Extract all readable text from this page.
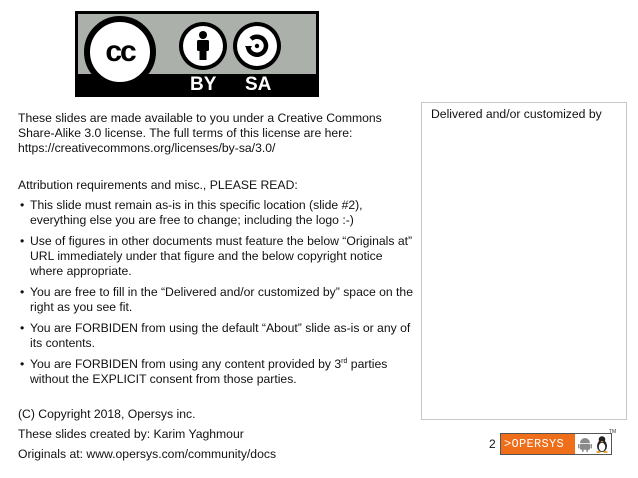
cc
BY SA

These slides are made available to you under a Creative Commons Share-Alike 3.0 license. The full terms of this license are here: https://creativecommons.org/licenses/by-sa/3.0/

Attribution requirements and misc., PLEASE READ:

• This slide must remain as-is in this specific location (slide #2), everything else you are free to change; including the logo :-)
• Use of figures in other documents must feature the below “Originals at” URL immediately under that figure and the below copyright notice where appropriate.
• You are free to fill in the “Delivered and/or customized by” space on the right as you see fit.
• You are FORBIDEN from using the default “About” slide as-is or any of its contents.
• You are FORBIDEN from using any content provided by 3rd parties without the EXPLICIT consent from those parties.

(C) Copyright 2018, Opersys inc.

These slides created by: Karim Yaghmour

Originals at: www.opersys.com/community/docs

Delivered and/or customized by
2 >OPERSYS
TM
